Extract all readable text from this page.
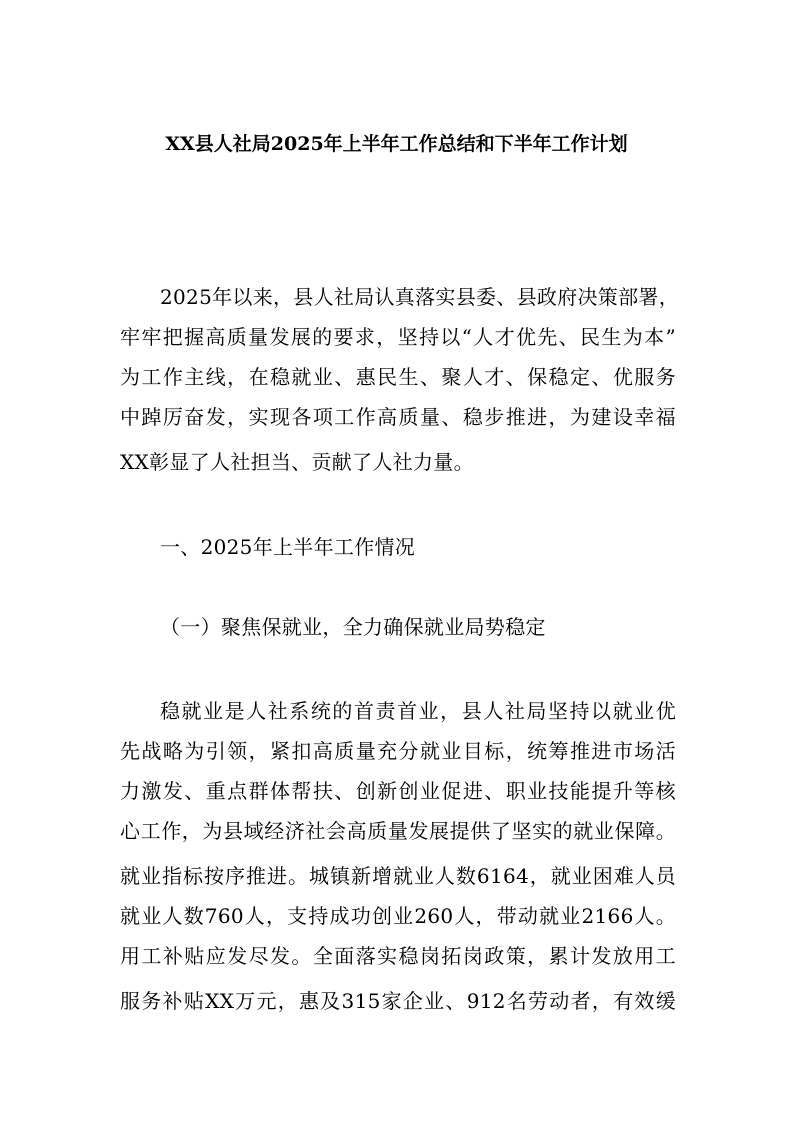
XX县人社局2025年上半年工作总结和下半年工作计划
2025年以来，县人社局认真落实县委、县政府决策部署，
牢牢把握高质量发展的要求，坚持以“人才优先、民生为本”
为工作主线，在稳就业、惠民生、聚人才、保稳定、优服务
中踔厉奋发，实现各项工作高质量、稳步推进，为建设幸福
XX彰显了人社担当、贡献了人社力量。
一、2025年上半年工作情况
（一）聚焦保就业，全力确保就业局势稳定
稳就业是人社系统的首责首业，县人社局坚持以就业优
先战略为引领，紧扣高质量充分就业目标，统筹推进市场活
力激发、重点群体帮扶、创新创业促进、职业技能提升等核
心工作，为县域经济社会高质量发展提供了坚实的就业保障。
就业指标按序推进。城镇新增就业人数6164，就业困难人员
就业人数760人，支持成功创业260人，带动就业2166人。
用工补贴应发尽发。全面落实稳岗拓岗政策，累计发放用工
服务补贴XX万元，惠及315家企业、912名劳动者，有效缓
